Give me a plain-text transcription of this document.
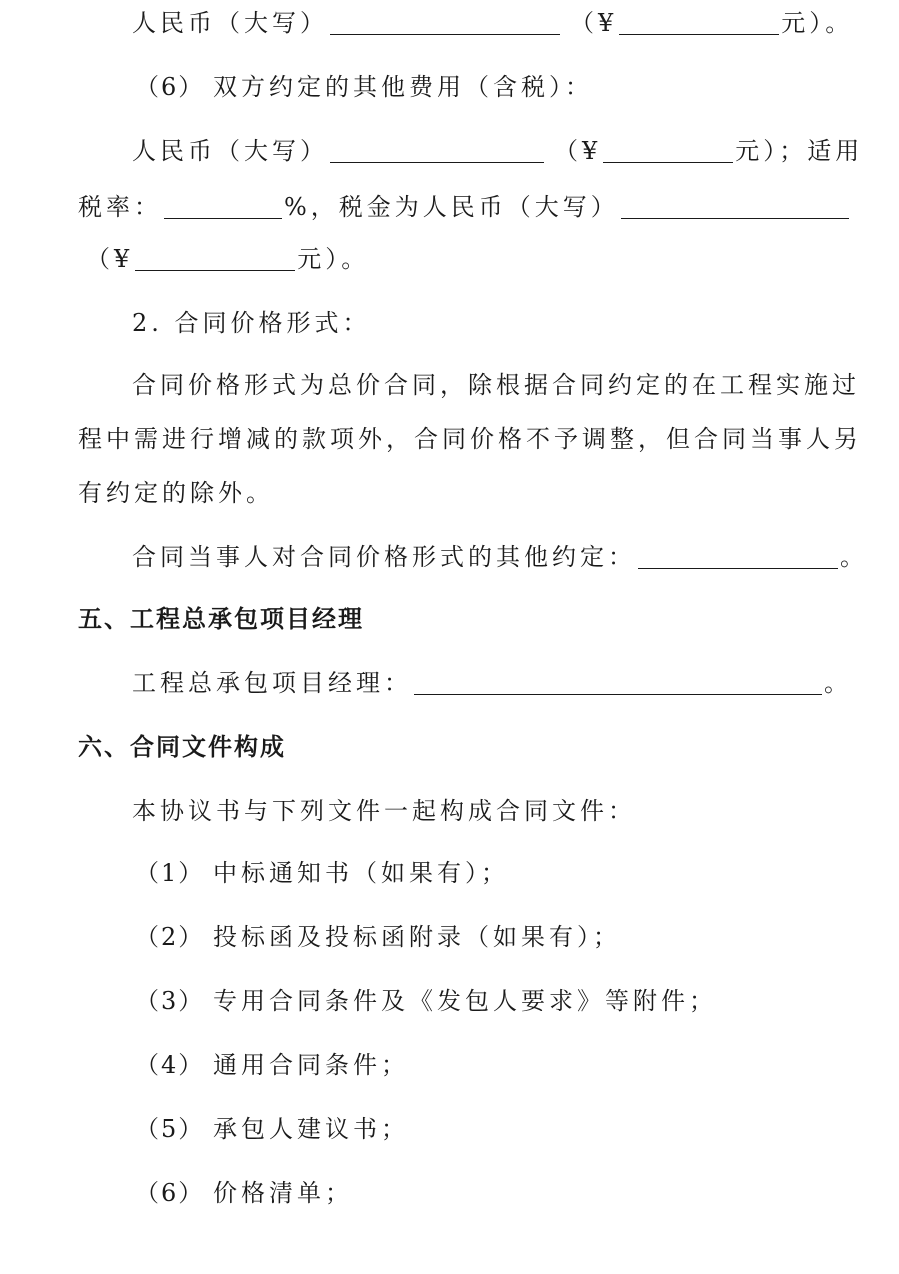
人民币（大写）	（¥	元）。
（6） 双方约定的其他费用（含税）：
人民币（大写）	（¥	元）；适用
税率：	%，税金为人民币（大写）
（¥	元）。
2. 合同价格形式：
合同价格形式为总价合同，除根据合同约定的在工程实施过
程中需进行增减的款项外，合同价格不予调整，但合同当事人另
有约定的除外。
合同当事人对合同价格形式的其他约定：	。
五、工程总承包项目经理
工程总承包项目经理：	。
六、合同文件构成
本协议书与下列文件一起构成合同文件：
（1） 中标通知书（如果有）；
（2） 投标函及投标函附录（如果有）；
（3） 专用合同条件及《发包人要求》等附件；
（4） 通用合同条件；
（5） 承包人建议书；
（6） 价格清单；
